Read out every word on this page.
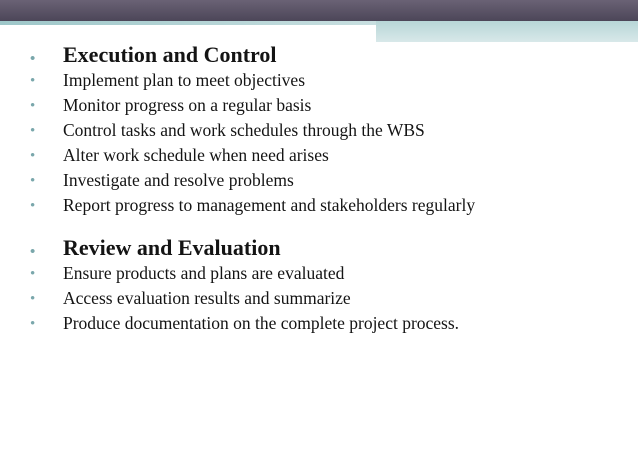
• Execution and Control
• Implement plan to meet objectives
• Monitor progress on a regular basis
• Control tasks and work schedules through the WBS
• Alter work schedule when need arises
• Investigate and resolve problems
• Report progress to management and stakeholders regularly
• Review and Evaluation
• Ensure products and plans are evaluated
• Access evaluation results and summarize
• Produce documentation on the complete project process.
